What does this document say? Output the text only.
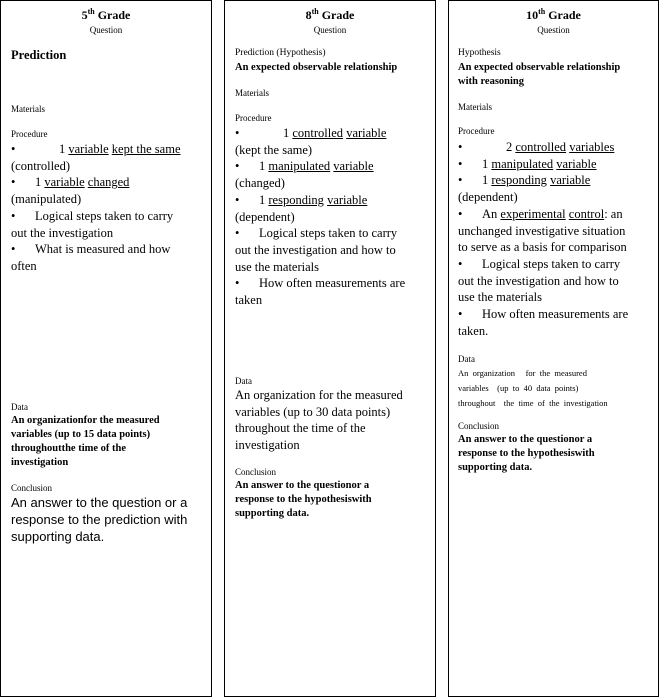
5th Grade
Question
Prediction
Materials
Procedure
•	1 variable kept the same
(controlled)
• 1 variable changed
(manipulated)
• Logical steps taken to carry
out the investigation
• What is measured and how
often
Data
An organizationfor the measured
variables (up to 15 data points)
throughoutthe time of the
investigation
Conclusion
An answer to the question or a
response to the prediction with
supporting data.
8th Grade
Question
Prediction (Hypothesis)
An expected observable relationship
Materials
Procedure
•	1 controlled variable
(kept the same)
• 1 manipulated variable
(changed)
• 1 responding variable
(dependent)
• Logical steps taken to carry
out the investigation and how to
use the materials
• How often measurements are
taken
Data
An organization for the measured
variables (up to 30 data points)
throughout the time of the
investigation
Conclusion
An answer to the questionor a
response to the hypothesiswith
supporting data.
10th Grade
Question
Hypothesis
An expected observable relationship
with reasoning
Materials
Procedure
•	2 controlled variables
• 1 manipulated variable
• 1 responding variable
(dependent)
• An experimental control: an
unchanged investigative situation
to serve as a basis for comparison
• Logical steps taken to carry
out the investigation and how to
use the materials
• How often measurements are
taken.
Data
An  organization     for  the  measured
variables    (up  to  40  data  points)
throughout    the  time  of  the  investigation
Conclusion
An answer to the questionor a
response to the hypothesiswith
supporting data.
